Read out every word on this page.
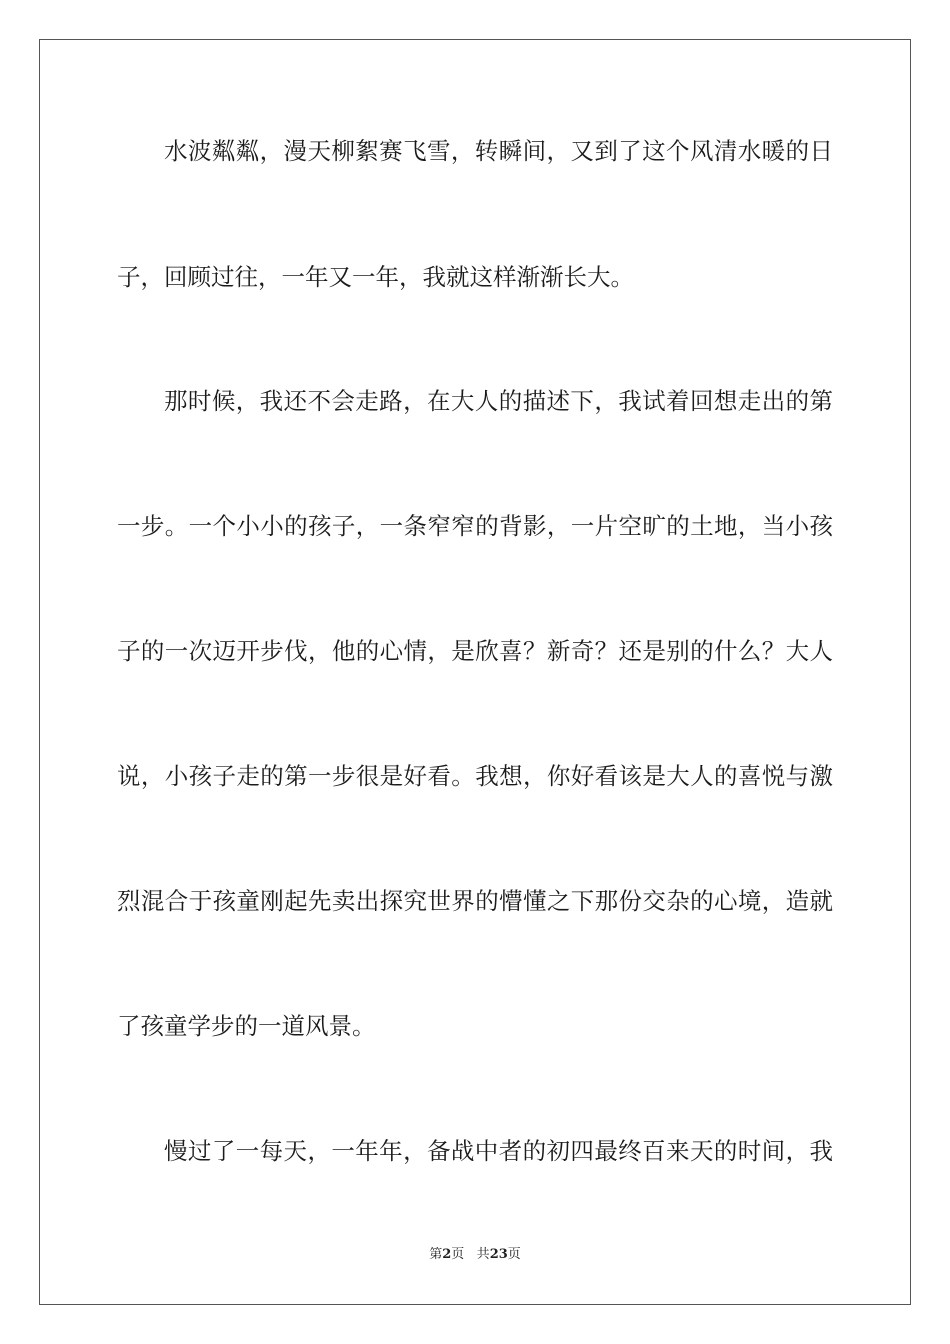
水波粼粼，漫天柳絮赛飞雪，转瞬间，又到了这个风清水暖的日
子，回顾过往，一年又一年，我就这样渐渐长大。
那时候，我还不会走路，在大人的描述下，我试着回想走出的第
一步。一个小小的孩子，一条窄窄的背影，一片空旷的土地，当小孩
子的一次迈开步伐，他的心情，是欣喜？新奇？还是别的什么？大人
说，小孩子走的第一步很是好看。我想，你好看该是大人的喜悦与激
烈混合于孩童刚起先卖出探究世界的懵懂之下那份交杂的心境，造就
了孩童学步的一道风景。
慢过了一每天，一年年，备战中者的初四最终百来天的时间，我
第2页 共23页
